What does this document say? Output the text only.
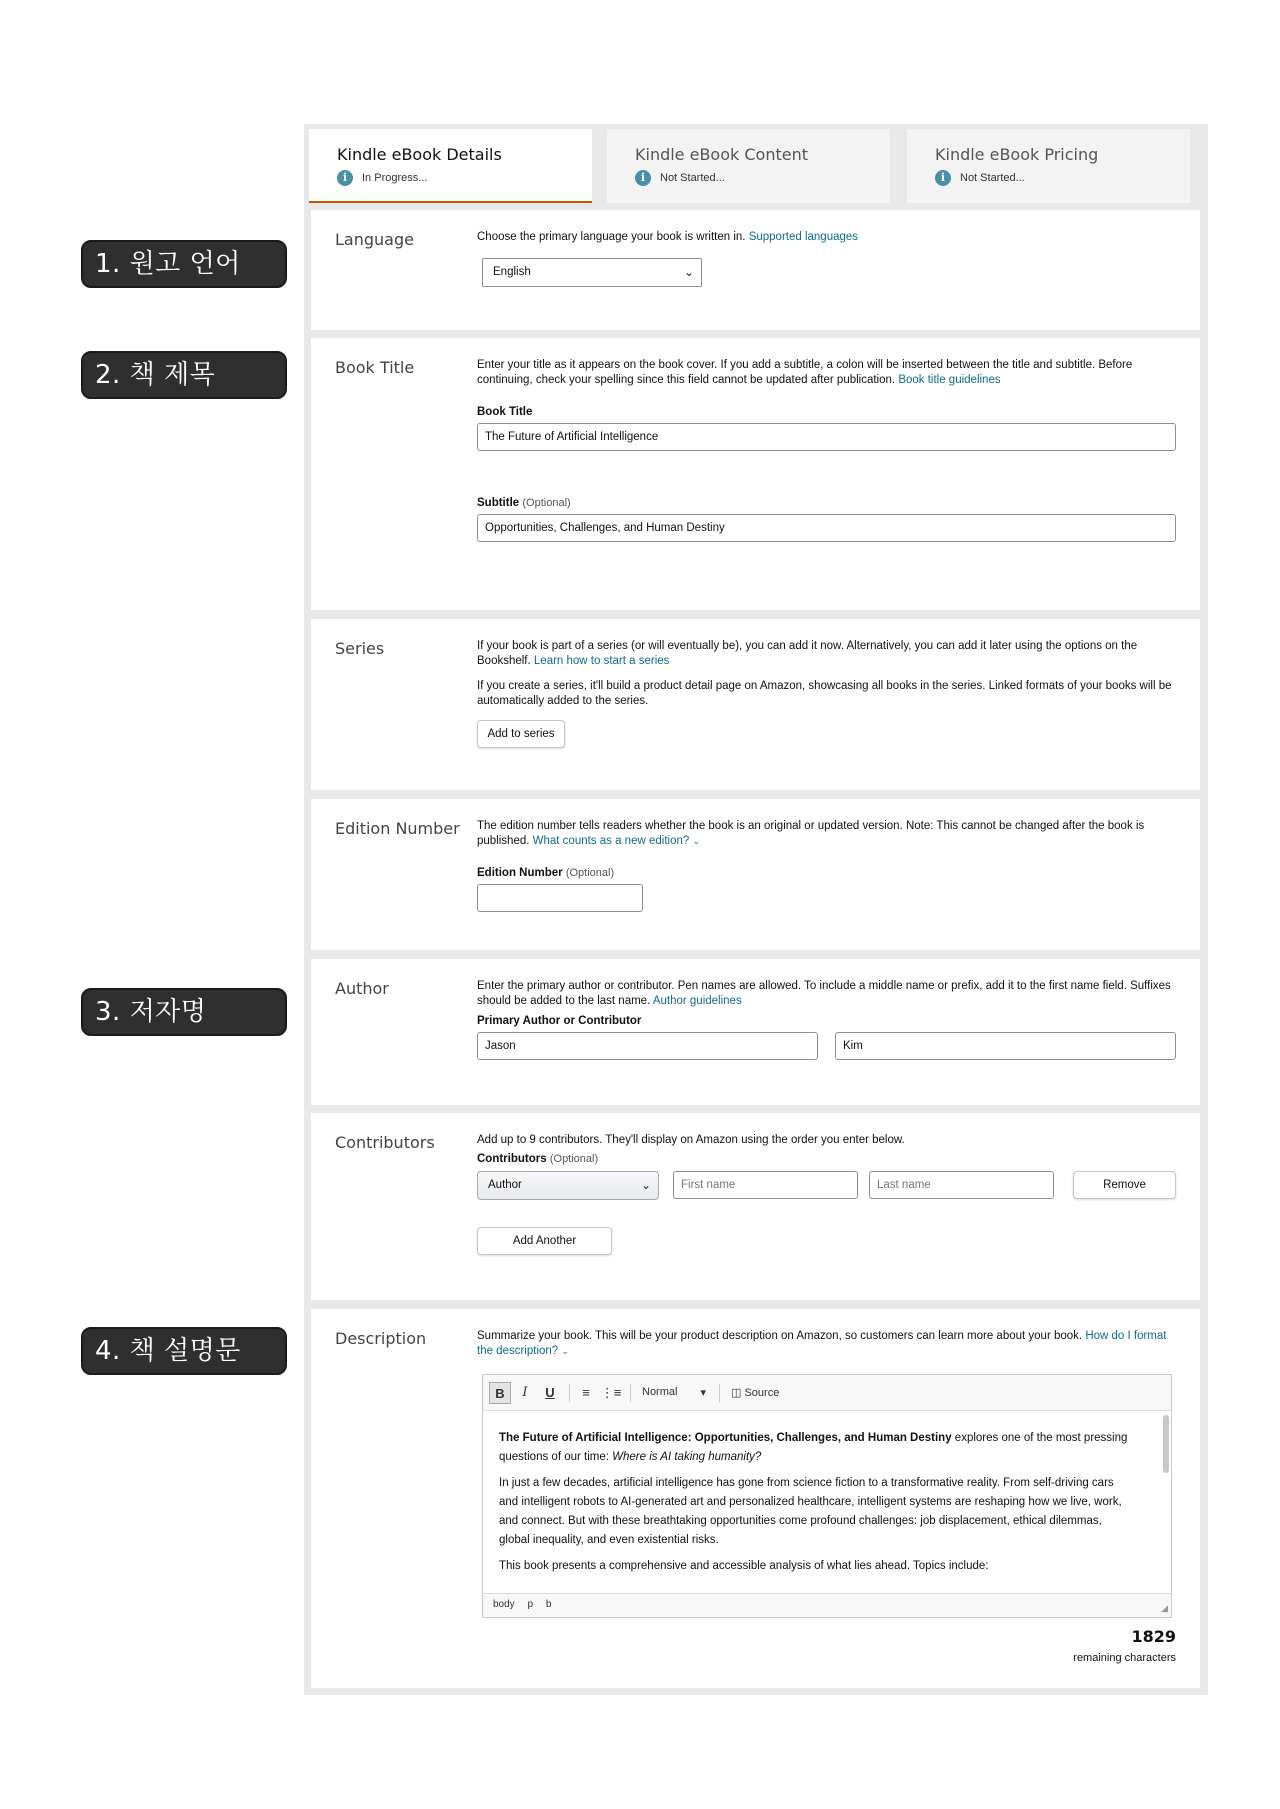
1. 원고 언어
2. 책 제목
3. 저자명
4. 책 설명문
Kindle eBook Details
i	In Progress...
Kindle eBook Content
i	Not Started...
Kindle eBook Pricing
i	Not Started...
Language	Choose the primary language your book is written in. Supported languages
English	⌄
Book Title	Enter your title as it appears on the book cover. If you add a subtitle, a colon will be inserted between the title and subtitle. Before continuing, check your spelling since this field cannot be updated after publication. Book title guidelines
Book Title
The Future of Artificial Intelligence
Subtitle (Optional)
Opportunities, Challenges, and Human Destiny
Series	If your book is part of a series (or will eventually be), you can add it now. Alternatively, you can add it later using the options on the Bookshelf. Learn how to start a series
If you create a series, it'll build a product detail page on Amazon, showcasing all books in the series. Linked formats of your books will be automatically added to the series.
Add to series
Edition Number The edition number tells readers whether the book is an original or updated version. Note: This cannot be changed after the book is published. What counts as a new edition? ⌄
Edition Number (Optional)
Author	Enter the primary author or contributor. Pen names are allowed. To include a middle name or prefix, add it to the first name field. Suffixes should be added to the last name. Author guidelines
Primary Author or Contributor
Jason	Kim
Contributors	Add up to 9 contributors. They'll display on Amazon using the order you enter below.
Contributors (Optional)
Author	⌄	First name	Last name	Remove
Add Another
Description	Summarize your book. This will be your product description on Amazon, so customers can learn more about your book. How do I format the description? ⌄
B	I	U	≡ ⋮≡ Normal ▾ ◫ Source

The Future of Artificial Intelligence: Opportunities, Challenges, and Human Destiny explores one of the most pressing questions of our time: Where is AI taking humanity?

In just a few decades, artificial intelligence has gone from science fiction to a transformative reality. From self-driving cars and intelligent robots to AI-generated art and personalized healthcare, intelligent systems are reshaping how we live, work, and connect. But with these breathtaking opportunities come profound challenges: job displacement, ethical dilemmas, global inequality, and even existential risks.

This book presents a comprehensive and accessible analysis of what lies ahead. Topics include:

body p b	◢
1829
remaining characters
